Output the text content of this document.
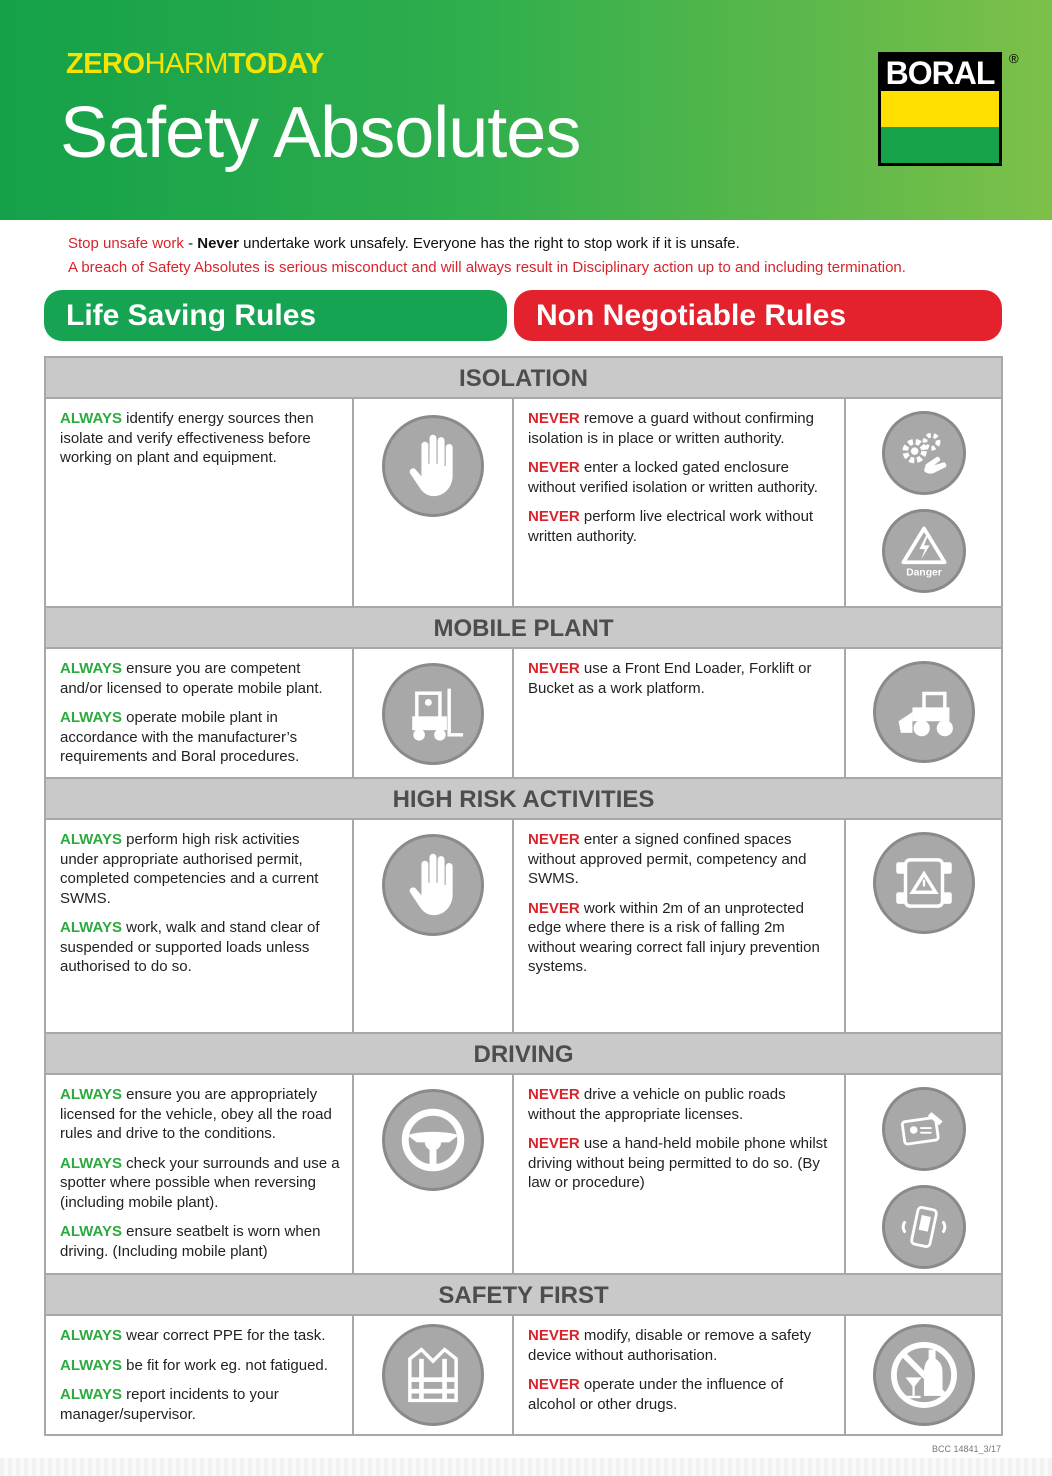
ZEROHARMTODAY
Safety Absolutes
BORAL	®
Stop unsafe work - Never undertake work unsafely. Everyone has the right to stop work if it is unsafe.
A breach of Safety Absolutes is serious misconduct and will always result in Disciplinary action up to and including termination.
Life Saving Rules	Non Negotiable Rules
ISOLATION

ALWAYS identify energy sources then isolate and verify effectiveness before working on plant and equipment.

NEVER remove a guard without confirming isolation is in place or written authority.

NEVER enter a locked gated enclosure without verified isolation or written authority.

NEVER perform live electrical work without written authority.

Danger
MOBILE PLANT

ALWAYS ensure you are competent and/or licensed to operate mobile plant.

ALWAYS operate mobile plant in accordance with the manufacturer’s requirements and Boral procedures.

NEVER use a Front End Loader, Forklift or Bucket as a work platform.

HIGH RISK ACTIVITIES

ALWAYS perform high risk activities under appropriate authorised permit, completed competencies and a current SWMS.

ALWAYS work, walk and stand clear of suspended or supported loads unless authorised to do so.

NEVER enter a signed confined spaces without approved permit, competency and SWMS.

NEVER work within 2m of an unprotected edge where there is a risk of falling 2m without wearing correct fall injury prevention systems.

DRIVING

ALWAYS ensure you are appropriately licensed for the vehicle, obey all the road rules and drive to the conditions.

ALWAYS check your surrounds and use a spotter where possible when reversing (including mobile plant).

ALWAYS ensure seatbelt is worn when driving. (Including mobile plant)

NEVER drive a vehicle on public roads without the appropriate licenses.

NEVER use a hand-held mobile phone whilst driving without being permitted to do so. (By law or procedure)

SAFETY FIRST

ALWAYS wear correct PPE for the task.

ALWAYS be fit for work eg. not fatigued.

ALWAYS report incidents to your manager/supervisor.

NEVER modify, disable or remove a safety device without authorisation.

NEVER operate under the influence of alcohol or other drugs.

BCC 14841_3/17
